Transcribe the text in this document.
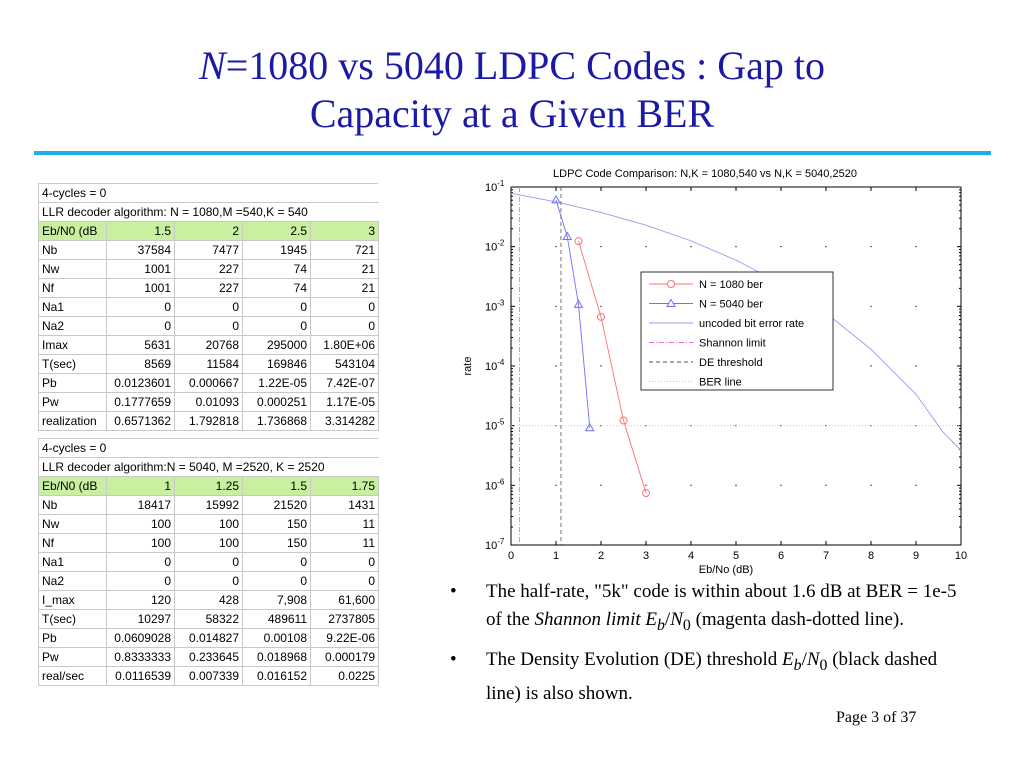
N=1080 vs 5040 LDPC Codes : Gap to
Capacity at a Given BER
4-cycles = 0				
LLR decoder algorithm: N = 1080,M =540,K = 540				
Eb/N0 (dB	1.5	2	2.5	3
Nb	37584	7477	1945	721
Nw	1001	227	74	21
Nf	1001	227	74	21
Na1	0	0	0	0
Na2	0	0	0	0
Imax	5631	20768	295000	1.80E+06
T(sec)	8569	11584	169846	543104
Pb	0.0123601	0.000667	1.22E-05	7.42E-07
Pw	0.1777659	0.01093	0.000251	1.17E-05
realization	0.6571362	1.792818	1.736868	3.314282
4-cycles = 0				
LLR decoder algorithm:N = 5040, M =2520, K = 2520				
Eb/N0 (dB	1	1.25	1.5	1.75
Nb	18417	15992	21520	1431
Nw	100	100	150	11
Nf	100	100	150	11
Na1	0	0	0	0
Na2	0	0	0	0
I_max	120	428	7,908	61,600
T(sec)	10297	58322	489611	2737805
Pb	0.0609028	0.014827	0.00108	9.22E-06
Pw	0.8333333	0.233645	0.018968	0.000179
real/sec	0.0116539	0.007339	0.016152	0.0225
0	1	2	3	4	5	6	7	8	9	10
$10^{-1}$
$10^{-2}$
$10^{-3}$
$10^{-4}$
$10^{-5}$
$10^{-6}$
$10^{-7}$
LDPC Code Comparison: N,K = 1080,540 vs N,K = 5040,2520
Eb/No (dB)
rate
N = 1080 ber
N = 5040 ber
uncoded bit error rate
Shannon limit
DE threshold
BER line
• The half-rate, "5k" code is within about 1.6 dB at BER = 1e-5 of the Shannon limit $E_b/N_0$ (magenta dash-dotted line).
• The Density Evolution (DE) threshold $E_b/N_0$ (black dashed line) is also shown.
Page 3 of 37
